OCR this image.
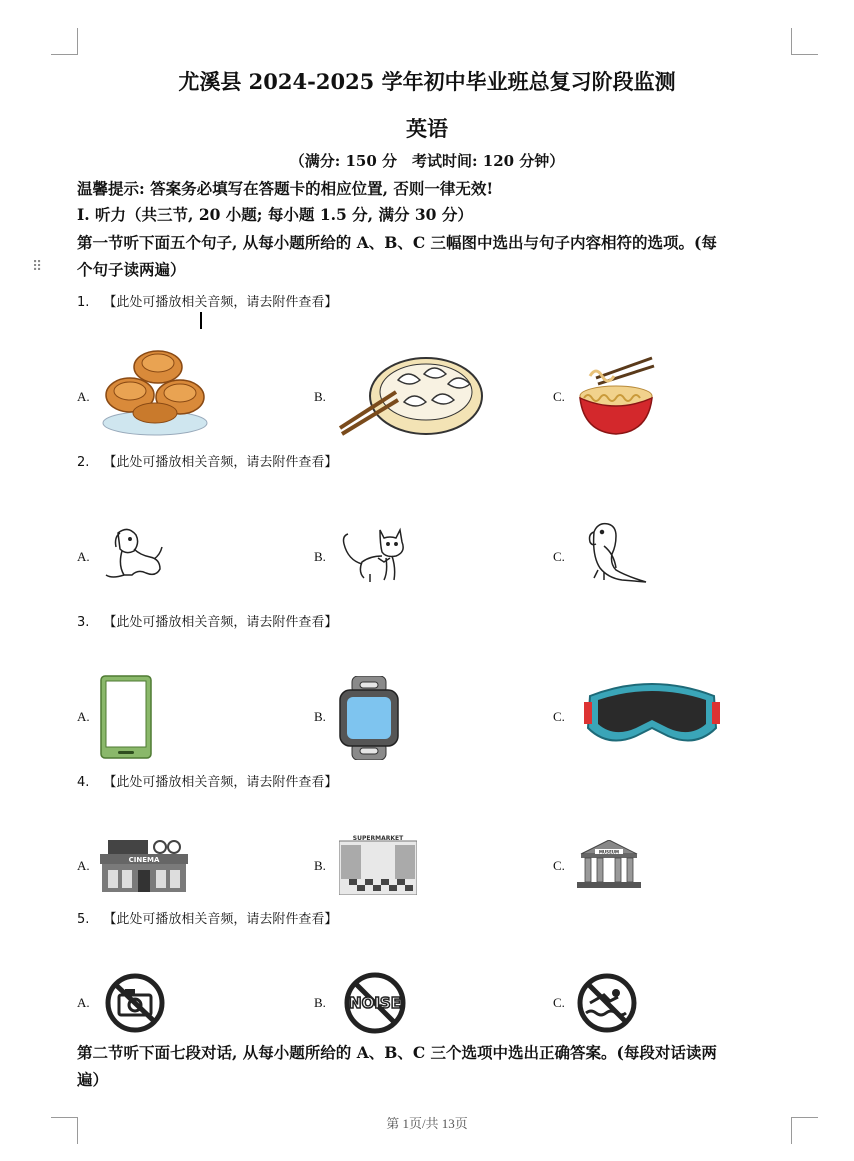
⠿
尤溪县 2024-2025 学年初中毕业班总复习阶段监测
英语
（满分: 150 分　考试时间: 120 分钟）
温馨提示: 答案务必填写在答题卡的相应位置, 否则一律无效!
I. 听力（共三节, 20 小题; 每小题 1.5 分, 满分 30 分）
第一节听下面五个句子, 从每小题所给的 A、B、C 三幅图中选出与句子内容相符的选项。(每
个句子读两遍）
1. 【此处可播放相关音频，请去附件查看】
A.	B.	C.
2. 【此处可播放相关音频，请去附件查看】
A.	B.	C.
3. 【此处可播放相关音频，请去附件查看】
A.	B.	C.
4. 【此处可播放相关音频，请去附件查看】
A.	B.	C.
CINEMA
SUPERMARKET
MUSEUM
5. 【此处可播放相关音频，请去附件查看】
A.	B.	C.
NOISE
第二节听下面七段对话, 从每小题所给的 A、B、C 三个选项中选出正确答案。(每段对话读两
遍）
第 1页/共 13页
